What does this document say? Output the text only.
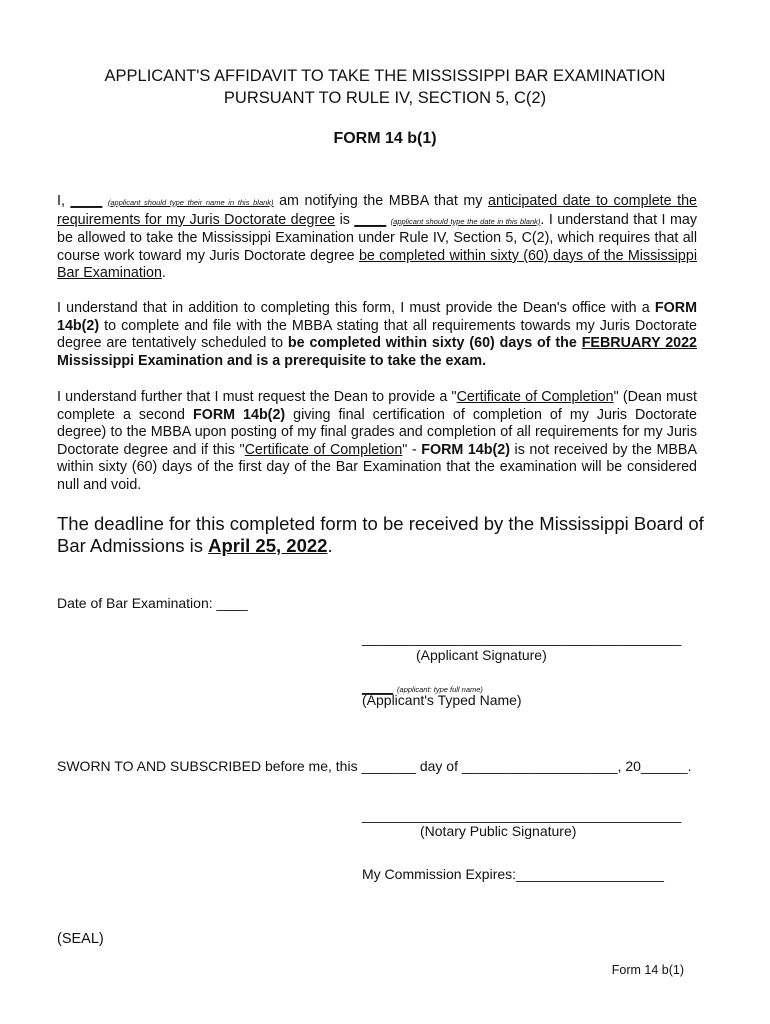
APPLICANT'S AFFIDAVIT TO TAKE THE MISSISSIPPI BAR EXAMINATION
PURSUANT TO RULE IV, SECTION 5, C(2)
FORM 14 b(1)

I, ____ (applicant should type their name in this blank) am notifying the MBBA that my anticipated date to complete the requirements for my Juris Doctorate degree is ____ (applicant should type the date in this blank). I understand that I may be allowed to take the Mississippi Examination under Rule IV, Section 5, C(2), which requires that all course work toward my Juris Doctorate degree be completed within sixty (60) days of the Mississippi Bar Examination.

I understand that in addition to completing this form, I must provide the Dean's office with a FORM 14b(2) to complete and file with the MBBA stating that all requirements towards my Juris Doctorate degree are tentatively scheduled to be completed within sixty (60) days of the FEBRUARY 2022 Mississippi Examination and is a prerequisite to take the exam.

I understand further that I must request the Dean to provide a "Certificate of Completion" (Dean must complete a second FORM 14b(2) giving final certification of completion of my Juris Doctorate degree) to the MBBA upon posting of my final grades and completion of all requirements for my Juris Doctorate degree and if this "Certificate of Completion" - FORM 14b(2) is not received by the MBBA within sixty (60) days of the first day of the Bar Examination that the examination will be considered null and void.

The deadline for this completed form to be received by the Mississippi Board of Bar Admissions is April 25, 2022.

Date of Bar Examination: ____
_________________________________________
(Applicant Signature)
____ (applicant: type full name)
(Applicant's Typed Name)
SWORN TO AND SUBSCRIBED before me, this _______ day of ____________________, 20______.
_________________________________________
(Notary Public Signature)
My Commission Expires:___________________
(SEAL)
Form 14 b(1)
